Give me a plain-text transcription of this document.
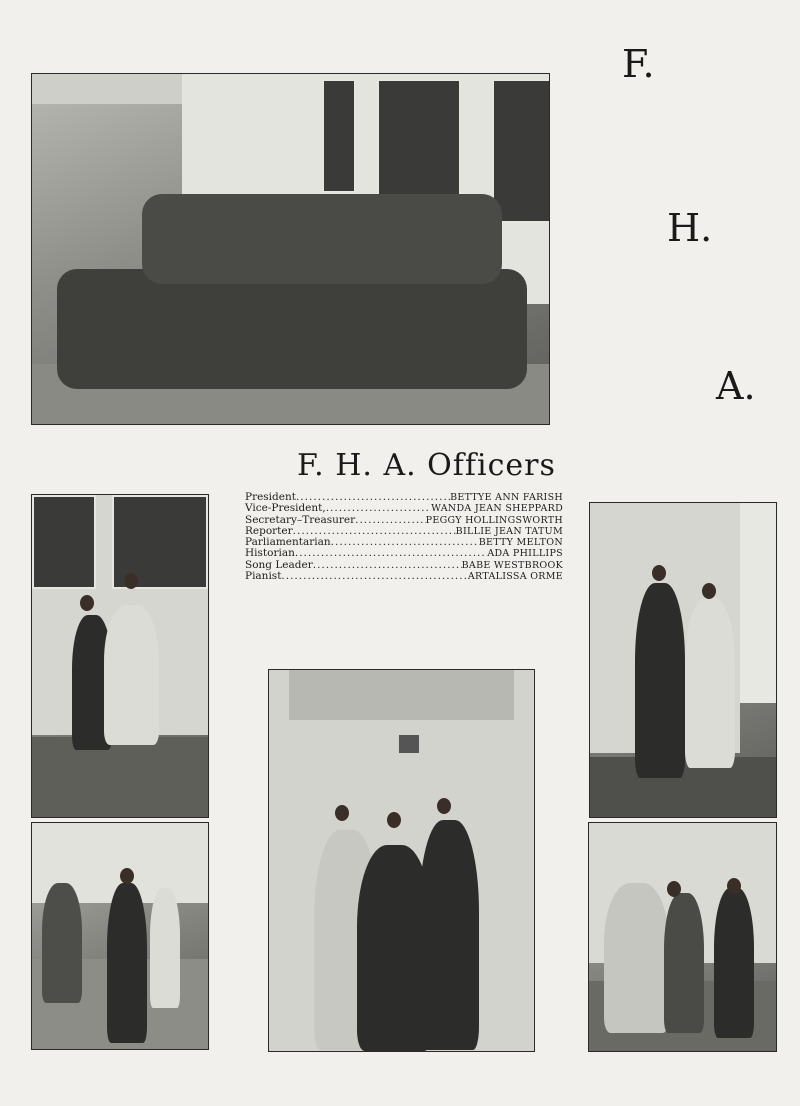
F.
H.
A.
F. H. A. Officers
President .....	BETTYE ANN FARISH
Vice-President, .....	WANDA JEAN SHEPPARD
Secretary–Treasurer .....	PEGGY HOLLINGSWORTH
Reporter .....	BILLIE JEAN TATUM
Parliamentarian .....	BETTY MELTON
Historian .....	ADA PHILLIPS
Song Leader .....	BABE WESTBROOK
Pianist .....	ARTALISSA ORME
